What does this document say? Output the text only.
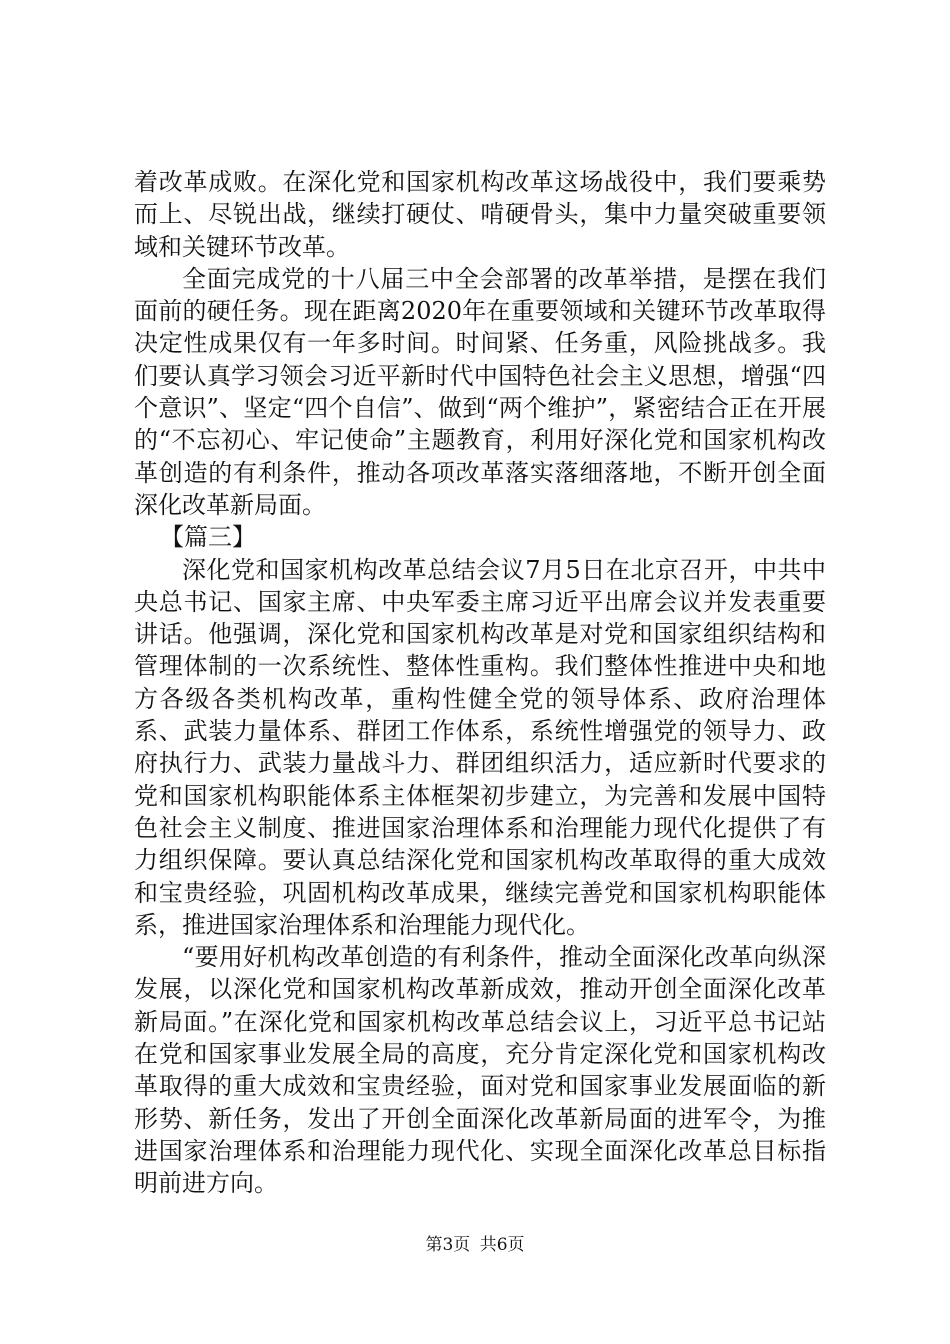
着改革成败。在深化党和国家机构改革这场战役中，我们要乘势而上、尽锐出战，继续打硬仗、啃硬骨头，集中力量突破重要领域和关键环节改革。

全面完成党的十八届三中全会部署的改革举措，是摆在我们面前的硬任务。现在距离2020年在重要领域和关键环节改革取得决定性成果仅有一年多时间。时间紧、任务重，风险挑战多。我们要认真学习领会习近平新时代中国特色社会主义思想，增强“四个意识”、坚定“四个自信”、做到“两个维护”，紧密结合正在开展的“不忘初心、牢记使命”主题教育，利用好深化党和国家机构改革创造的有利条件，推动各项改革落实落细落地，不断开创全面深化改革新局面。

【篇三】

深化党和国家机构改革总结会议7月5日在北京召开，中共中央总书记、国家主席、中央军委主席习近平出席会议并发表重要讲话。他强调，深化党和国家机构改革是对党和国家组织结构和管理体制的一次系统性、整体性重构。我们整体性推进中央和地方各级各类机构改革，重构性健全党的领导体系、政府治理体系、武装力量体系、群团工作体系，系统性增强党的领导力、政府执行力、武装力量战斗力、群团组织活力，适应新时代要求的党和国家机构职能体系主体框架初步建立，为完善和发展中国特色社会主义制度、推进国家治理体系和治理能力现代化提供了有力组织保障。要认真总结深化党和国家机构改革取得的重大成效和宝贵经验，巩固机构改革成果，继续完善党和国家机构职能体系，推进国家治理体系和治理能力现代化。

“要用好机构改革创造的有利条件，推动全面深化改革向纵深发展，以深化党和国家机构改革新成效，推动开创全面深化改革新局面。”在深化党和国家机构改革总结会议上，习近平总书记站在党和国家事业发展全局的高度，充分肯定深化党和国家机构改革取得的重大成效和宝贵经验，面对党和国家事业发展面临的新形势、新任务，发出了开创全面深化改革新局面的进军令，为推进国家治理体系和治理能力现代化、实现全面深化改革总目标指明前进方向。

第3页 共6页
